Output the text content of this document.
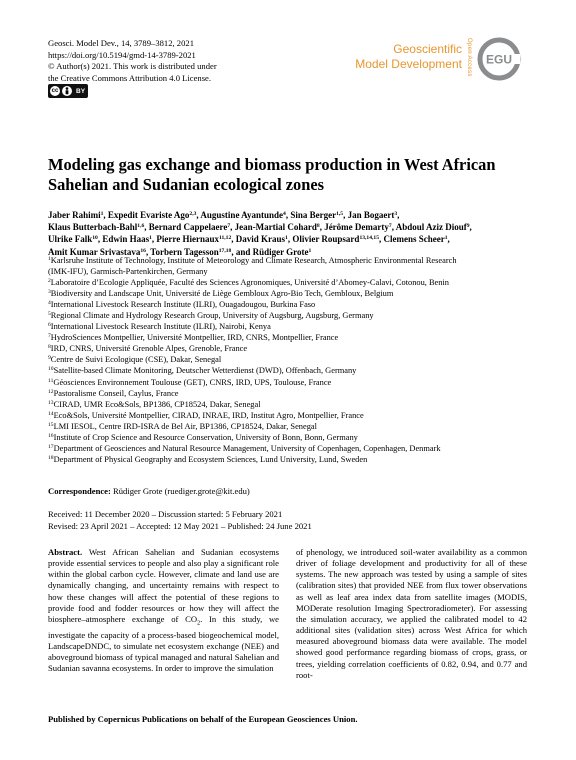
Geosci. Model Dev., 14, 3789–3812, 2021
https://doi.org/10.5194/gmd-14-3789-2021
© Author(s) 2021. This work is distributed under
the Creative Commons Attribution 4.0 License.
cc	BY
Geoscientific
Model Development Open Access EGU
Modeling gas exchange and biomass production in West African
Sahelian and Sudanian ecological zones
Jaber Rahimi$^1$, Expedit Evariste Ago$^{2,3}$, Augustine Ayantunde$^4$, Sina Berger$^{1,5}$, Jan Bogaert$^3$,
Klaus Butterbach-Bahl$^{1,6}$, Bernard Cappelaere$^7$, Jean-Martial Cohard$^8$, Jérôme Demarty$^7$, Abdoul Aziz Diouf$^9$,
Ulrike Falk$^{10}$, Edwin Haas$^1$, Pierre Hiernaux$^{11,12}$, David Kraus$^1$, Olivier Roupsard$^{13,14,15}$, Clemens Scheer$^1$,
Amit Kumar Srivastava$^{16}$, Torbern Tagesson$^{17,18}$, and Rüdiger Grote$^1$
$^1$Karlsruhe Institute of Technology, Institute of Meteorology and Climate Research, Atmospheric Environmental Research
(IMK-IFU), Garmisch-Partenkirchen, Germany
$^2$Laboratoire d’Ecologie Appliquée, Faculté des Sciences Agronomiques, Université d’Abomey-Calavi, Cotonou, Benin
$^3$Biodiversity and Landscape Unit, Université de Liège Gembloux Agro-Bio Tech, Gembloux, Belgium
$^4$International Livestock Research Institute (ILRI), Ouagadougou, Burkina Faso
$^5$Regional Climate and Hydrology Research Group, University of Augsburg, Augsburg, Germany
$^6$International Livestock Research Institute (ILRI), Nairobi, Kenya
$^7$HydroSciences Montpellier, Université Montpellier, IRD, CNRS, Montpellier, France
$^8$IRD, CNRS, Université Grenoble Alpes, Grenoble, France
$^9$Centre de Suivi Ecologique (CSE), Dakar, Senegal
$^{10}$Satellite-based Climate Monitoring, Deutscher Wetterdienst (DWD), Offenbach, Germany
$^{11}$Géosciences Environnement Toulouse (GET), CNRS, IRD, UPS, Toulouse, France
$^{12}$Pastoralisme Conseil, Caylus, France
$^{13}$CIRAD, UMR Eco&Sols, BP1386, CP18524, Dakar, Senegal
$^{14}$Eco&Sols, Université Montpellier, CIRAD, INRAE, IRD, Institut Agro, Montpellier, France
$^{15}$LMI IESOL, Centre IRD-ISRA de Bel Air, BP1386, CP18524, Dakar, Senegal
$^{16}$Institute of Crop Science and Resource Conservation, University of Bonn, Bonn, Germany
$^{17}$Department of Geosciences and Natural Resource Management, University of Copenhagen, Copenhagen, Denmark
$^{18}$Department of Physical Geography and Ecosystem Sciences, Lund University, Lund, Sweden
Correspondence: Rüdiger Grote (ruediger.grote@kit.edu)
Received: 11 December 2020 – Discussion started: 5 February 2021
Revised: 23 April 2021 – Accepted: 12 May 2021 – Published: 24 June 2021
Abstract. West African Sahelian and Sudanian ecosystems provide essential services to people and also play a significant role within the global carbon cycle. However, climate and land use are dynamically changing, and uncertainty remains with respect to how these changes will affect the potential of these regions to provide food and fodder resources or how they will affect the biosphere–atmosphere exchange of $CO_2$. In this study, we investigate the capacity of a process-based biogeochemical model, LandscapeDNDC, to simulate net ecosystem exchange (NEE) and aboveground biomass of typical managed and natural Sahelian and Sudanian savanna ecosystems. In order to improve the simulation
of phenology, we introduced soil-water availability as a common driver of foliage development and productivity for all of these systems. The new approach was tested by using a sample of sites (calibration sites) that provided NEE from flux tower observations as well as leaf area index data from satellite images (MODIS, MODerate resolution Imaging Spectroradiometer). For assessing the simulation accuracy, we applied the calibrated model to 42 additional sites (validation sites) across West Africa for which measured aboveground biomass data were available. The model showed good performance regarding biomass of crops, grass, or trees, yielding correlation coefficients of 0.82, 0.94, and 0.77 and root-
Published by Copernicus Publications on behalf of the European Geosciences Union.
